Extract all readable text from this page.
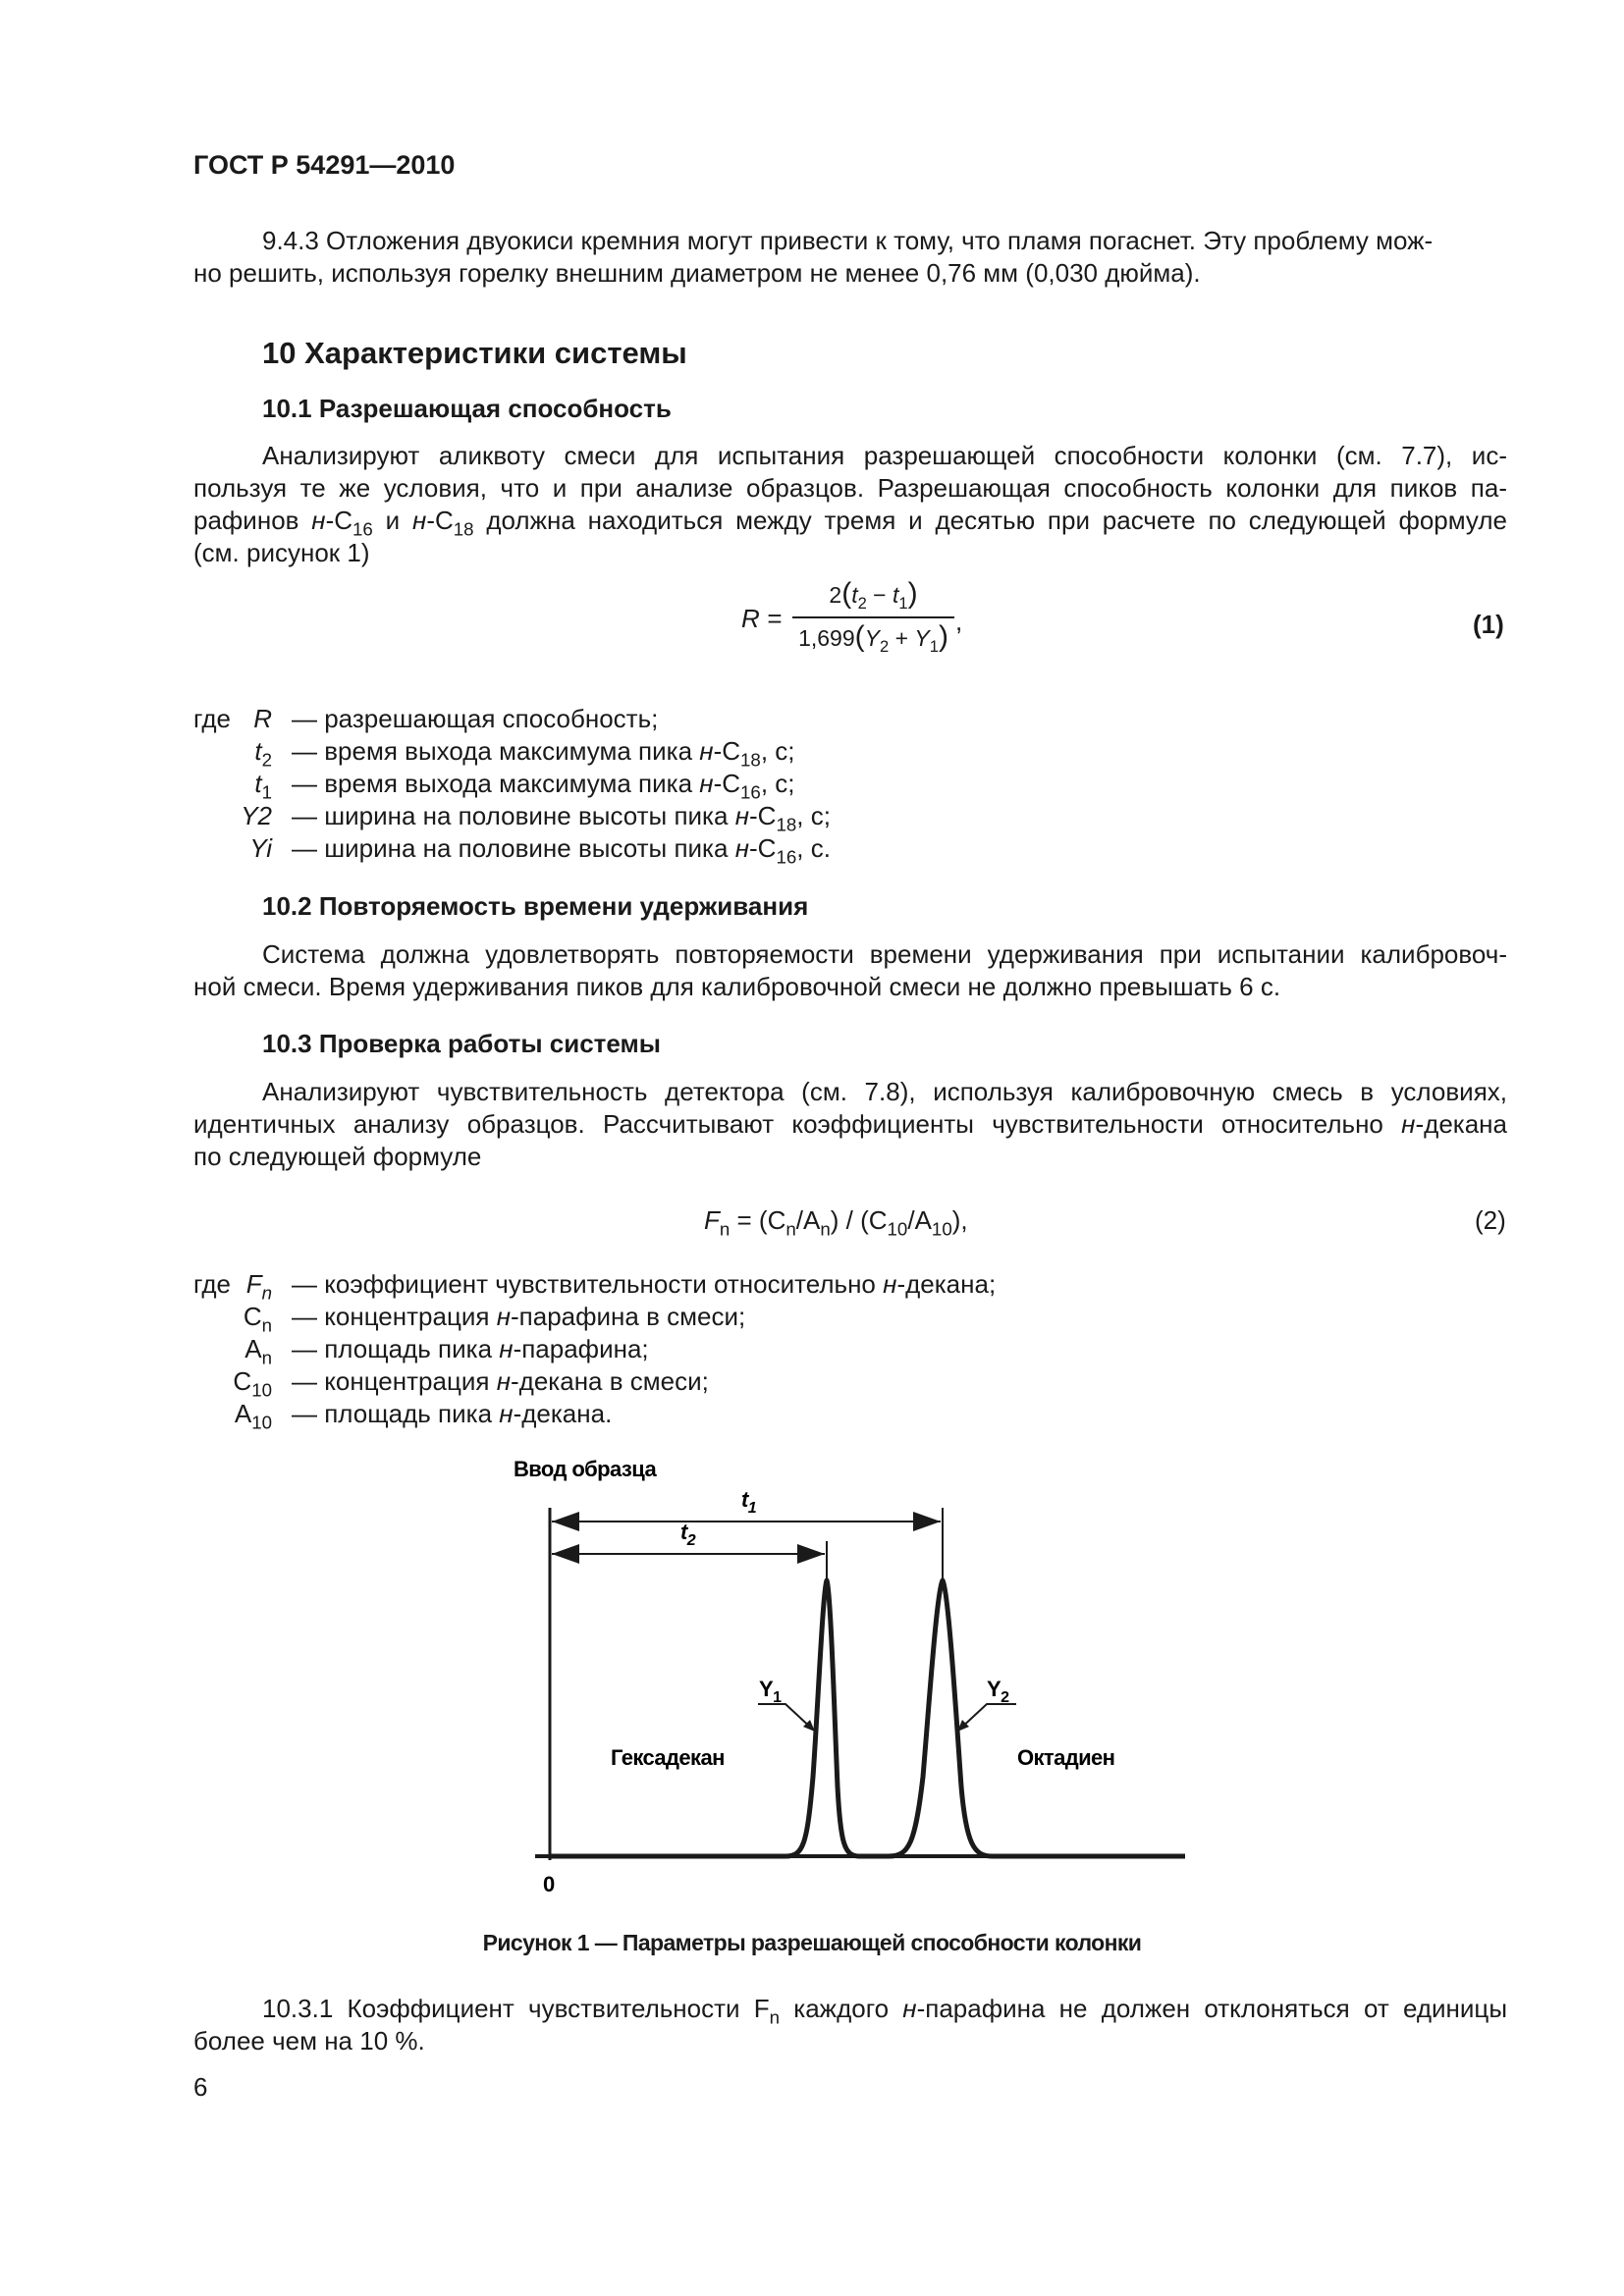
ГОСТ Р 54291—2010

9.4.3 Отложения двуокиси кремния могут привести к тому, что пламя погаснет. Эту проблему мож-

но решить, используя горелку внешним диаметром не менее 0,76 мм (0,030 дюйма).

10 Характеристики системы
10.1 Разрешающая способность

Анализируют аликвоту смеси для испытания разрешающей способности колонки (см. 7.7), ис-

пользуя те же условия, что и при анализе образцов. Разрешающая способность колонки для пиков па-

рафинов $н-С_{16}$ и $н-С_{18}$ должна находиться между тремя и десятью при расчете по следующей формуле

(см. рисунок 1)

R =
$2(t_2 - t_1)$
$1,699(Y_2 + Y_1)$ ,	(1)
где R — разрешающая способность;
$t_2$ — время выхода максимума пика $н-С_{18}$, с;
$t_1$ — время выхода максимума пика $н-С_{16}$, с;
Y2 — ширина на половине высоты пика $н-С_{18}$, с;
Yi — ширина на половине высоты пика $н-С_{16}$, с.
10.2 Повторяемость времени удерживания

Система должна удовлетворять повторяемости времени удерживания при испытании калибровоч-

ной смеси. Время удерживания пиков для калибровочной смеси не должно превышать 6 с.

10.3 Проверка работы системы

Анализируют чувствительность детектора (см. 7.8), используя калибровочную смесь в условиях,

идентичных анализу образцов. Рассчитывают коэффициенты чувствительности относительно н-декана

по следующей формуле

$F_n = (C_n/A_n) / (C_{10}/A_{10})$,	(2)
где $F_n$ — коэффициент чувствительности относительно н-декана;
$C_n$ — концентрация н-парафина в смеси;
$A_n$ — площадь пика н-парафина;
$C_{10}$ — концентрация н-декана в смеси;
$A_{10}$ — площадь пика н-декана.
Ввод образца
$t_1$
$t_2$
$Y_1$	$Y_2$
Гексадекан	Октадиен
0
Рисунок 1 — Параметры разрешающей способности колонки

10.3.1 Коэффициент чувствительности $F_n$ каждого н-парафина не должен отклоняться от единицы

более чем на 10 %.

6
